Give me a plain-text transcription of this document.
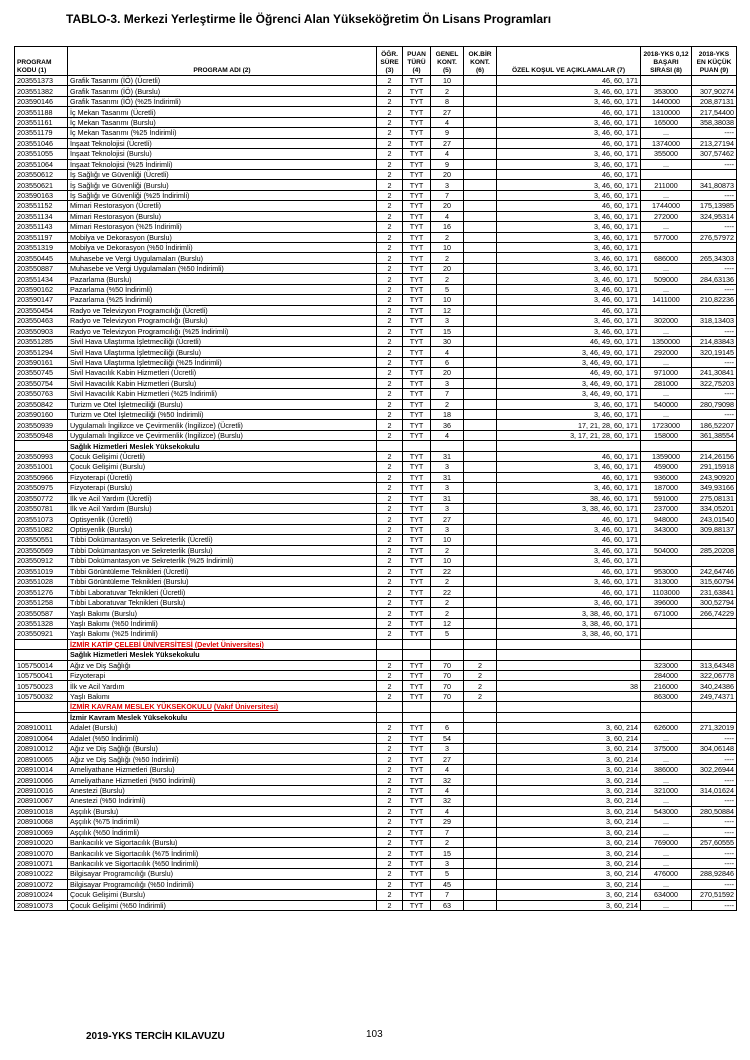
TABLO-3. Merkezi Yerleştirme İle Öğrenci Alan Yükseköğretim Ön Lisans Programları
PROGRAM KODU (1)	PROGRAM ADI (2)	ÖĞR. SÜRE (3)	PUAN TÜRÜ (4)	GENEL KONT. (5)	OK.BİR KONT. (6)	ÖZEL KOŞUL VE AÇIKLAMALAR (7)	2018-YKS 0,12 BAŞARI SIRASI (8)	2018-YKS EN KÜÇÜK PUAN (9)
203551373	Grafik Tasarımı (İÖ) (Ücretli)	2	TYT	10		46, 60, 171		
203551382	Grafik Tasarımı (İÖ) (Burslu)	2	TYT	2		3, 46, 60, 171	353000	307,90274
203590146	Grafik Tasarımı (İÖ) (%25 İndirimli)	2	TYT	8		3, 46, 60, 171	1440000	208,87131
203551188	İç Mekan Tasarımı (Ücretli)	2	TYT	27		46, 60, 171	1310000	217,54400
203551161	İç Mekan Tasarımı (Burslu)	2	TYT	4		3, 46, 60, 171	165000	358,38038
203551179	İç Mekan Tasarımı (%25 İndirimli)	2	TYT	9		3, 46, 60, 171	...	----
203551046	İnşaat Teknolojisi (Ücretli)	2	TYT	27		46, 60, 171	1374000	213,27194
203551055	İnşaat Teknolojisi (Burslu)	2	TYT	4		3, 46, 60, 171	355000	307,57462
203551064	İnşaat Teknolojisi (%25 İndirimli)	2	TYT	9		3, 46, 60, 171	...	----
203550612	İş Sağlığı ve Güvenliği (Ücretli)	2	TYT	20		46, 60, 171		
203550621	İş Sağlığı ve Güvenliği (Burslu)	2	TYT	3		3, 46, 60, 171	211000	341,80873
203590163	İş Sağlığı ve Güvenliği (%25 İndirimli)	2	TYT	7		3, 46, 60, 171	...	----
203551152	Mimari Restorasyon (Ücretli)	2	TYT	20		46, 60, 171	1744000	175,13985
203551134	Mimari Restorasyon (Burslu)	2	TYT	4		3, 46, 60, 171	272000	324,95314
203551143	Mimari Restorasyon (%25 İndirimli)	2	TYT	16		3, 46, 60, 171	...	----
203551197	Mobilya ve Dekorasyon (Burslu)	2	TYT	2		3, 46, 60, 171	577000	276,57972
203551319	Mobilya ve Dekorasyon (%50 İndirimli)	2	TYT	10		3, 46, 60, 171		
203550445	Muhasebe ve Vergi Uygulamaları (Burslu)	2	TYT	2		3, 46, 60, 171	686000	265,34303
203550887	Muhasebe ve Vergi Uygulamaları (%50 İndirimli)	2	TYT	20		3, 46, 60, 171	...	----
203551434	Pazarlama (Burslu)	2	TYT	2		3, 46, 60, 171	509000	284,63136
203590162	Pazarlama (%50 İndirimli)	2	TYT	5		3, 46, 60, 171	...	----
203590147	Pazarlama (%25 İndirimli)	2	TYT	10		3, 46, 60, 171	1411000	210,82236
203550454	Radyo ve Televizyon Programcılığı (Ücretli)	2	TYT	12		46, 60, 171		
203550463	Radyo ve Televizyon Programcılığı (Burslu)	2	TYT	3		3, 46, 60, 171	302000	318,13403
203550903	Radyo ve Televizyon Programcılığı (%25 İndirimli)	2	TYT	15		3, 46, 60, 171	...	----
203551285	Sivil Hava Ulaştırma İşletmeciliği (Ücretli)	2	TYT	30		46, 49, 60, 171	1350000	214,83843
203551294	Sivil Hava Ulaştırma İşletmeciliği (Burslu)	2	TYT	4		3, 46, 49, 60, 171	292000	320,19145
203590161	Sivil Hava Ulaştırma İşletmeciliği (%25 İndirimli)	2	TYT	6		3, 46, 49, 60, 171	...	----
203550745	Sivil Havacılık Kabin Hizmetleri (Ücretli)	2	TYT	20		46, 49, 60, 171	971000	241,30841
203550754	Sivil Havacılık Kabin Hizmetleri (Burslu)	2	TYT	3		3, 46, 49, 60, 171	281000	322,75203
203550763	Sivil Havacılık Kabin Hizmetleri (%25 İndirimli)	2	TYT	7		3, 46, 49, 60, 171	...	----
203550842	Turizm ve Otel İşletmeciliği (Burslu)	2	TYT	2		3, 46, 60, 171	540000	280,79098
203590160	Turizm ve Otel İşletmeciliği (%50 İndirimli)	2	TYT	18		3, 46, 60, 171	...	----
203550939	Uygulamalı İngilizce ve Çevirmenlik (İngilizce) (Ücretli)	2	TYT	36		17, 21, 28, 60, 171	1723000	186,52207
203550948	Uygulamalı İngilizce ve Çevirmenlik (İngilizce) (Burslu)	2	TYT	4		3, 17, 21, 28, 60, 171	158000	361,38554
	Sağlık Hizmetleri Meslek Yüksekokulu							
203550993	Çocuk Gelişimi (Ücretli)	2	TYT	31		46, 60, 171	1359000	214,26156
203551001	Çocuk Gelişimi (Burslu)	2	TYT	3		3, 46, 60, 171	459000	291,15918
203550966	Fizyoterapi (Ücretli)	2	TYT	31		46, 60, 171	936000	243,90920
203550975	Fizyoterapi (Burslu)	2	TYT	3		3, 46, 60, 171	187000	349,93166
203550772	İlk ve Acil Yardım (Ücretli)	2	TYT	31		38, 46, 60, 171	591000	275,08131
203550781	İlk ve Acil Yardım (Burslu)	2	TYT	3		3, 38, 46, 60, 171	237000	334,05201
203551073	Optisyenlik (Ücretli)	2	TYT	27		46, 60, 171	948000	243,01540
203551082	Optisyenlik (Burslu)	2	TYT	3		3, 46, 60, 171	343000	309,88137
203550551	Tıbbi Dokümantasyon ve Sekreterlik (Ücretli)	2	TYT	10		46, 60, 171		
203550569	Tıbbi Dokümantasyon ve Sekreterlik (Burslu)	2	TYT	2		3, 46, 60, 171	504000	285,20208
203550912	Tıbbi Dokümantasyon ve Sekreterlik (%25 İndirimli)	2	TYT	10		3, 46, 60, 171		
203551019	Tıbbi Görüntüleme Teknikleri (Ücretli)	2	TYT	22		46, 60, 171	953000	242,64746
203551028	Tıbbi Görüntüleme Teknikleri (Burslu)	2	TYT	2		3, 46, 60, 171	313000	315,60794
203551276	Tıbbi Laboratuvar Teknikleri (Ücretli)	2	TYT	22		46, 60, 171	1103000	231,63841
203551258	Tıbbi Laboratuvar Teknikleri (Burslu)	2	TYT	2		3, 46, 60, 171	396000	300,52794
203550587	Yaşlı Bakımı (Burslu)	2	TYT	2		3, 38, 46, 60, 171	671000	266,74229
203551328	Yaşlı Bakımı (%50 İndirimli)	2	TYT	12		3, 38, 46, 60, 171		
203550921	Yaşlı Bakımı (%25 İndirimli)	2	TYT	5		3, 38, 46, 60, 171		
	İZMİR KATİP ÇELEBİ ÜNİVERSİTESİ (Devlet Üniversitesi)							
	Sağlık Hizmetleri Meslek Yüksekokulu							
105750014	Ağız ve Diş Sağlığı	2	TYT	70	2		323000	313,64348
105750041	Fizyoterapi	2	TYT	70	2		284000	322,06778
105750023	İlk ve Acil Yardım	2	TYT	70	2	38	216000	340,24386
105750032	Yaşlı Bakımı	2	TYT	70	2		863000	249,74371
	İZMİR KAVRAM MESLEK YÜKSEKOKULU (Vakıf Üniversitesi)							
	İzmir Kavram Meslek Yüksekokulu							
208910011	Adalet (Burslu)	2	TYT	6		3, 60, 214	626000	271,32019
208910064	Adalet (%50 İndirimli)	2	TYT	54		3, 60, 214	...	----
208910012	Ağız ve Diş Sağlığı (Burslu)	2	TYT	3		3, 60, 214	375000	304,06148
208910065	Ağız ve Diş Sağlığı (%50 İndirimli)	2	TYT	27		3, 60, 214	...	----
208910014	Ameliyathane Hizmetleri (Burslu)	2	TYT	4		3, 60, 214	386000	302,26944
208910066	Ameliyathane Hizmetleri (%50 İndirimli)	2	TYT	32		3, 60, 214	...	----
208910016	Anestezi (Burslu)	2	TYT	4		3, 60, 214	321000	314,01624
208910067	Anestezi (%50 İndirimli)	2	TYT	32		3, 60, 214	...	----
208910018	Aşçılık (Burslu)	2	TYT	4		3, 60, 214	543000	280,50884
208910068	Aşçılık (%75 İndirimli)	2	TYT	29		3, 60, 214	...	----
208910069	Aşçılık (%50 İndirimli)	2	TYT	7		3, 60, 214	...	----
208910020	Bankacılık ve Sigortacılık (Burslu)	2	TYT	2		3, 60, 214	769000	257,60555
208910070	Bankacılık ve Sigortacılık (%75 İndirimli)	2	TYT	15		3, 60, 214	...	----
208910071	Bankacılık ve Sigortacılık (%50 İndirimli)	2	TYT	3		3, 60, 214	...	----
208910022	Bilgisayar Programcılığı (Burslu)	2	TYT	5		3, 60, 214	476000	288,92846
208910072	Bilgisayar Programcılığı (%50 İndirimli)	2	TYT	45		3, 60, 214	...	----
208910024	Çocuk Gelişimi (Burslu)	2	TYT	7		3, 60, 214	634000	270,51592
208910073	Çocuk Gelişimi (%50 İndirimli)	2	TYT	63		3, 60, 214	...	----
2019-YKS TERCİH KILAVUZU	103
